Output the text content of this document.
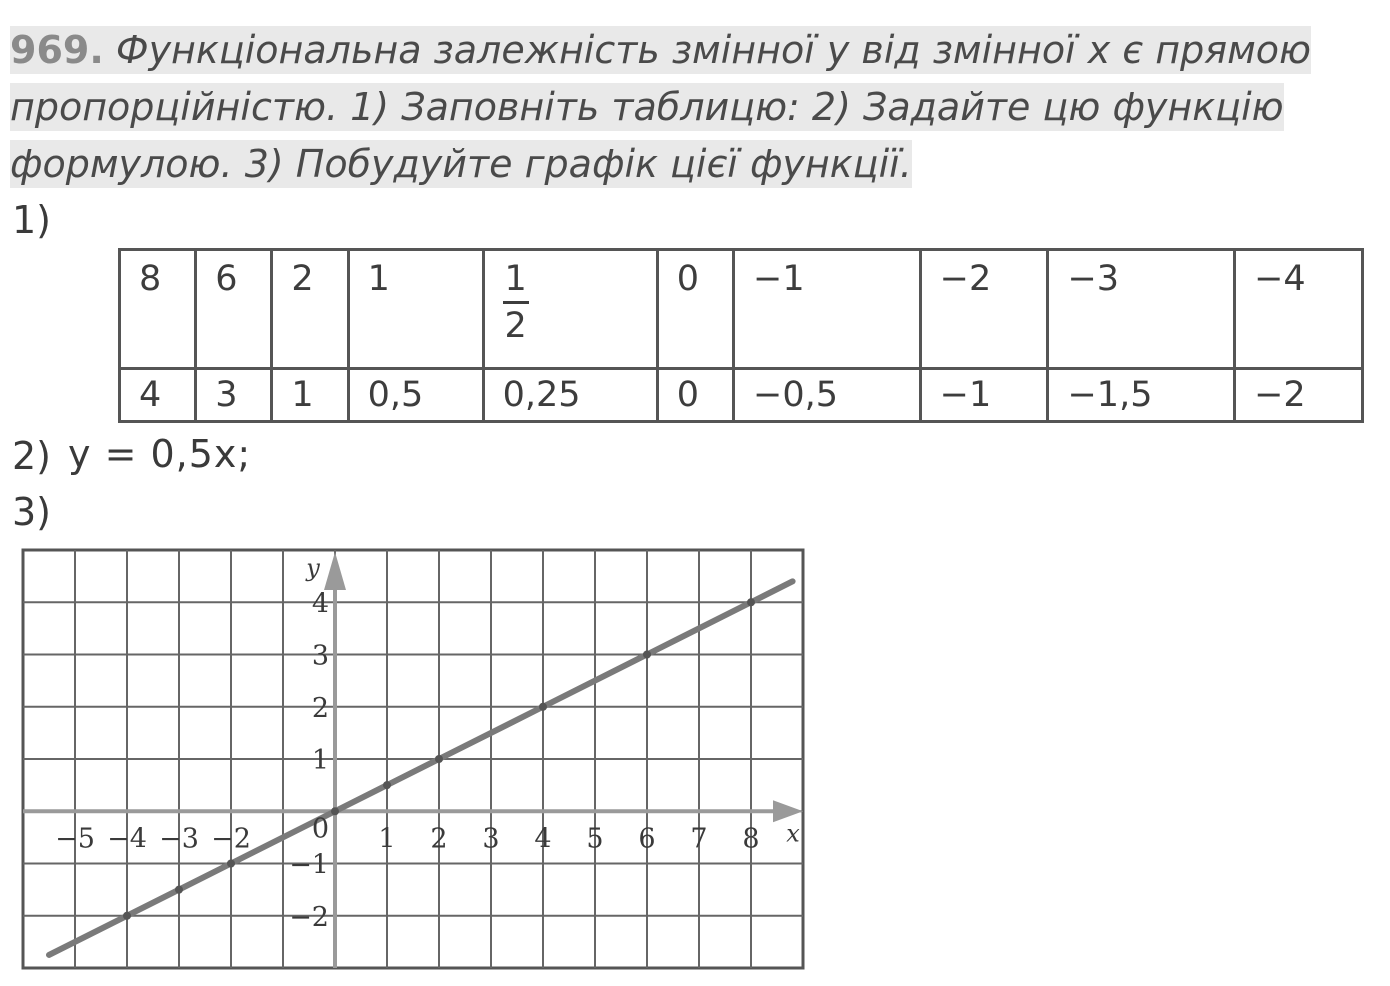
969. Функціональна залежність змінної y від змінної x є прямою
пропорційністю. 1) Заповніть таблицю: 2) Задайте цю функцію
формулою. 3) Побудуйте графік цієї функції.
1)
8	6	2	1	$\frac{1}{2}$	0	−1	−2	−3	−4
4	3	1	0,5	0,25	0	−0,5	−1	−1,5	−2
2) y = 0,5x;
3)
−5 −4 −3 −2	1 2 3 4 5 6 7 8
4
3
2
1
−1
−2
0	x
y
